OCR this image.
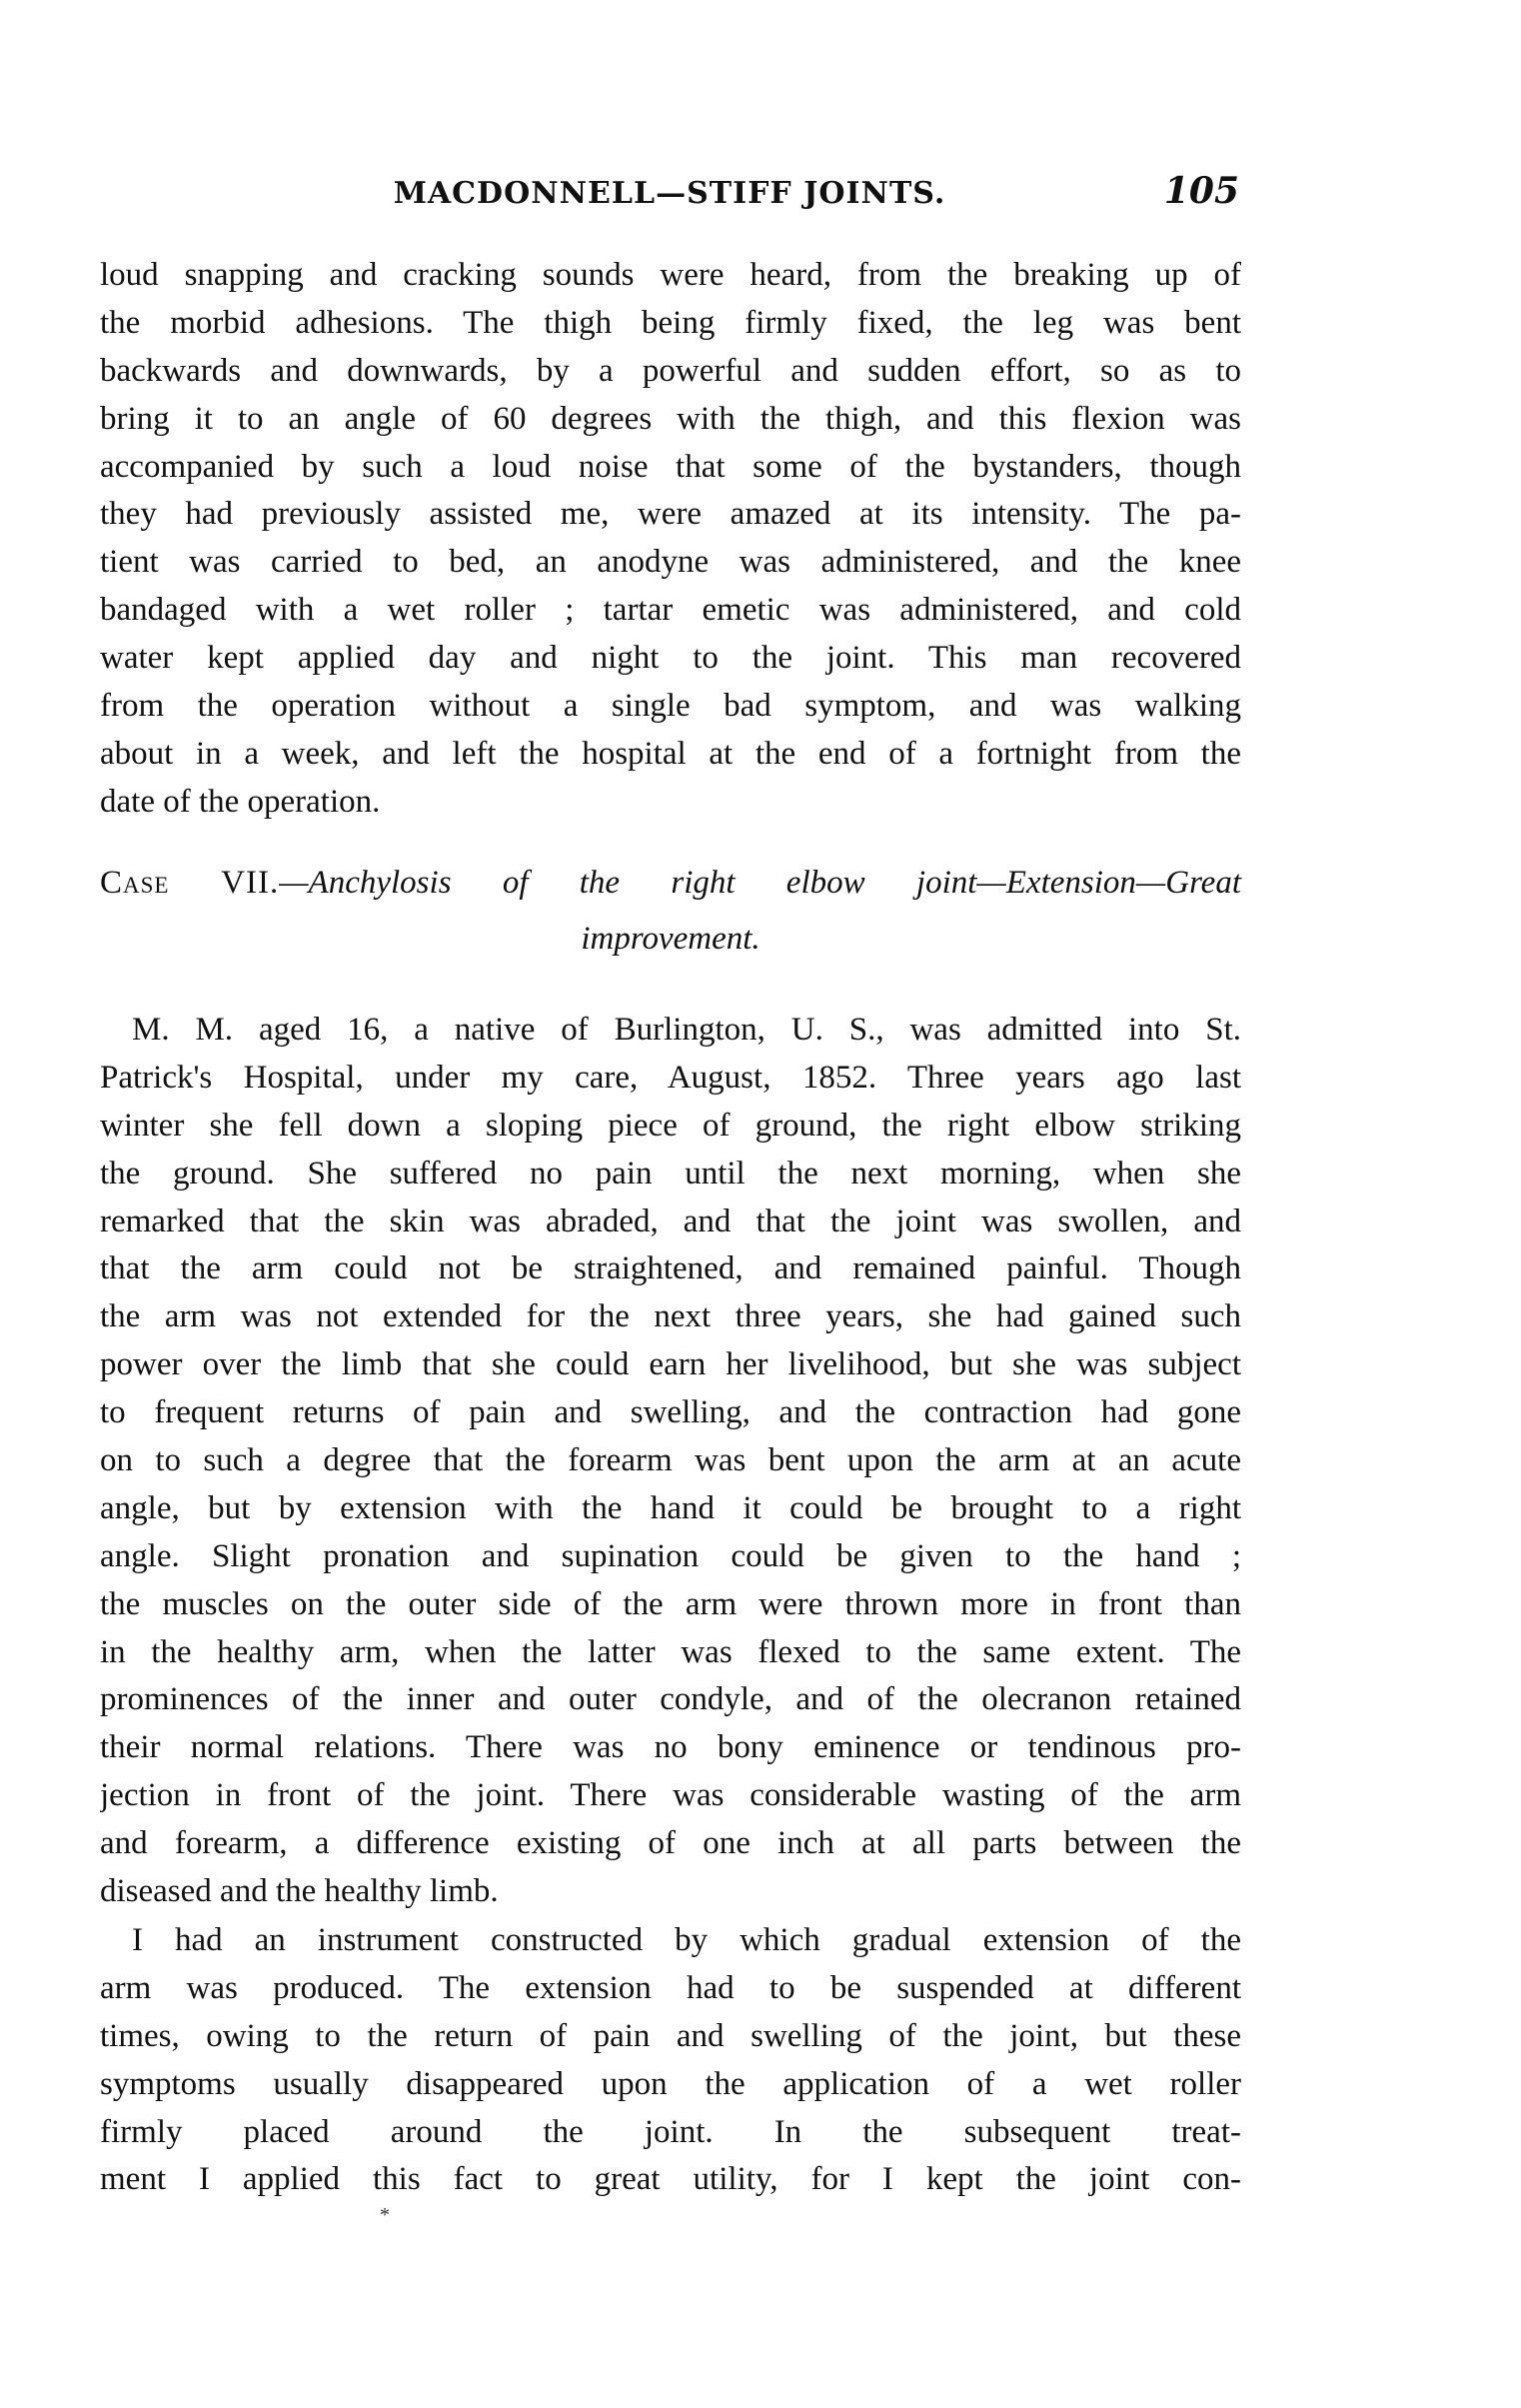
MACDONNELL—STIFF JOINTS.	105
loud snapping and cracking sounds were heard, from the breaking up of
the morbid adhesions. The thigh being firmly fixed, the leg was bent
backwards and downwards, by a powerful and sudden effort, so as to
bring it to an angle of 60 degrees with the thigh, and this flexion was
accompanied by such a loud noise that some of the bystanders, though
they had previously assisted me, were amazed at its intensity. The pa-
tient was carried to bed, an anodyne was administered, and the knee
bandaged with a wet roller ; tartar emetic was administered, and cold
water kept applied day and night to the joint. This man recovered
from the operation without a single bad symptom, and was walking
about in a week, and left the hospital at the end of a fortnight from the
date of the operation.
Case VII.—Anchylosis of the right elbow joint—Extension—Great
improvement.
M. M. aged 16, a native of Burlington, U. S., was admitted into St.
Patrick's Hospital, under my care, August, 1852. Three years ago last
winter she fell down a sloping piece of ground, the right elbow striking
the ground. She suffered no pain until the next morning, when she
remarked that the skin was abraded, and that the joint was swollen, and
that the arm could not be straightened, and remained painful. Though
the arm was not extended for the next three years, she had gained such
power over the limb that she could earn her livelihood, but she was subject
to frequent returns of pain and swelling, and the contraction had gone
on to such a degree that the forearm was bent upon the arm at an acute
angle, but by extension with the hand it could be brought to a right
angle. Slight pronation and supination could be given to the hand ;
the muscles on the outer side of the arm were thrown more in front than
in the healthy arm, when the latter was flexed to the same extent. The
prominences of the inner and outer condyle, and of the olecranon retained
their normal relations. There was no bony eminence or tendinous pro-
jection in front of the joint. There was considerable wasting of the arm
and forearm, a difference existing of one inch at all parts between the
diseased and the healthy limb.
I had an instrument constructed by which gradual extension of the
arm was produced. The extension had to be suspended at different
times, owing to the return of pain and swelling of the joint, but these
symptoms usually disappeared upon the application of a wet roller
firmly placed around the joint. In the subsequent treat-
ment I applied this fact to great utility, for I kept the joint con-
*
